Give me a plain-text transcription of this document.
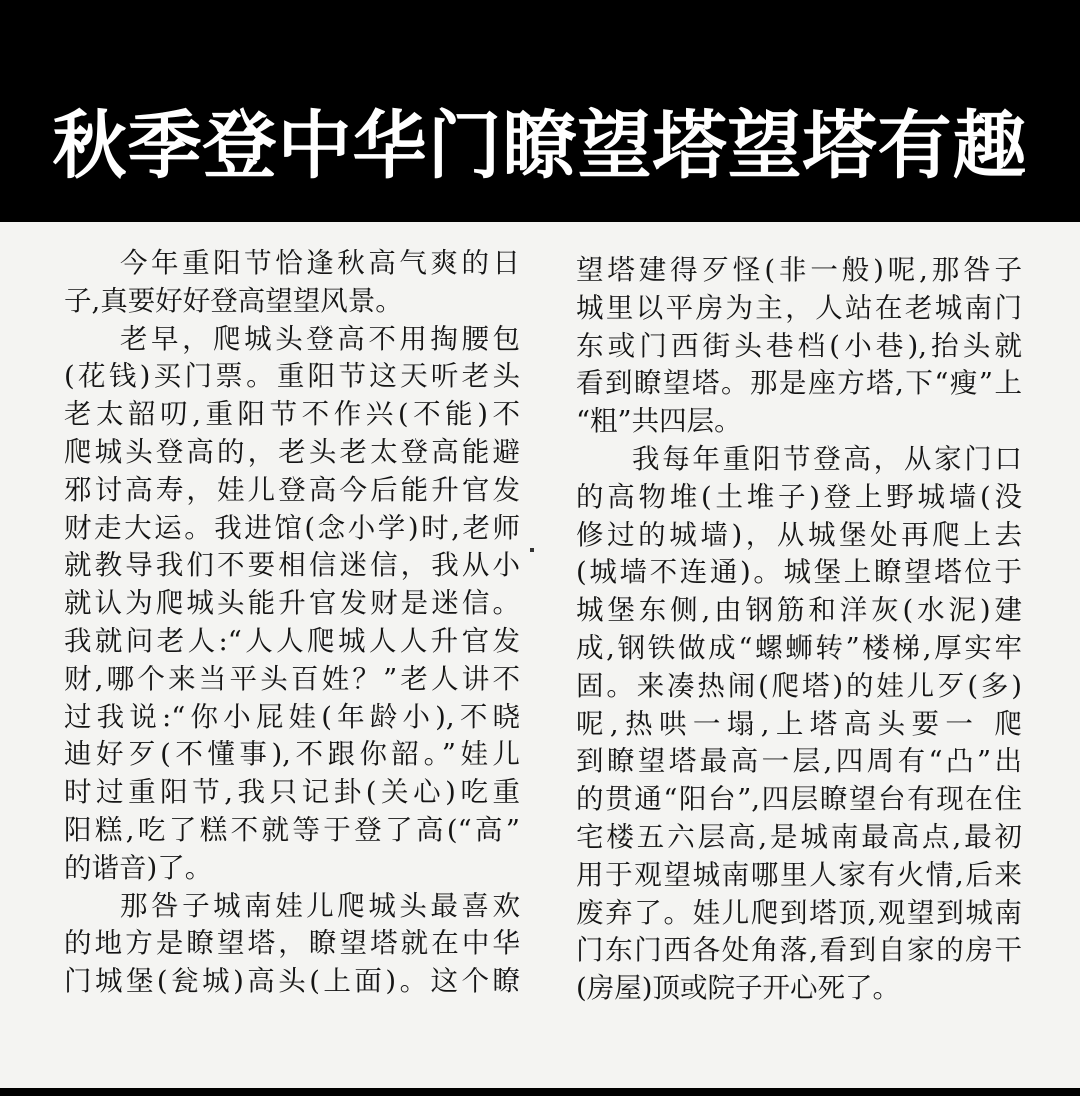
秋季登中华门瞭望塔望塔有趣
今年重阳节恰逢秋高气爽的日
子,真要好好登高望望风景。
老早，爬城头登高不用掏腰包
(花钱)买门票。重阳节这天听老头
老太韶叨,重阳节不作兴(不能)不
爬城头登高的，老头老太登高能避
邪讨高寿，娃儿登高今后能升官发
财走大运。我进馆(念小学)时,老师
就教导我们不要相信迷信，我从小
就认为爬城头能升官发财是迷信。
我就问老人:“人人爬城人人升官发
财,哪个来当平头百姓？”老人讲不
过我说:“你小屁娃(年龄小),不晓
迪好歹(不懂事),不跟你韶。”娃儿
时过重阳节,我只记卦(关心)吃重
阳糕,吃了糕不就等于登了高(“高”
的谐音)了。
那咎子城南娃儿爬城头最喜欢
的地方是瞭望塔，瞭望塔就在中华
门城堡(瓮城)高头(上面)。这个瞭
望塔建得歹怪(非一般)呢,那咎子
城里以平房为主，人站在老城南门
东或门西街头巷档(小巷),抬头就
看到瞭望塔。那是座方塔,下“瘦”上
“粗”共四层。
我每年重阳节登高，从家门口
的高物堆(土堆子)登上野城墙(没
修过的城墙)，从城堡处再爬上去
(城墙不连通)。城堡上瞭望塔位于
城堡东侧,由钢筋和洋灰(水泥)建
成,钢铁做成“螺蛳转”楼梯,厚实牢
固。来凑热闹(爬塔)的娃儿歹(多)
呢,热哄一塌,上塔高头要一 爬
到瞭望塔最高一层,四周有“凸”出
的贯通“阳台”,四层瞭望台有现在住
宅楼五六层高,是城南最高点,最初
用于观望城南哪里人家有火情,后来
废弃了。娃儿爬到塔顶,观望到城南
门东门西各处角落,看到自家的房干
(房屋)顶或院子开心死了。
